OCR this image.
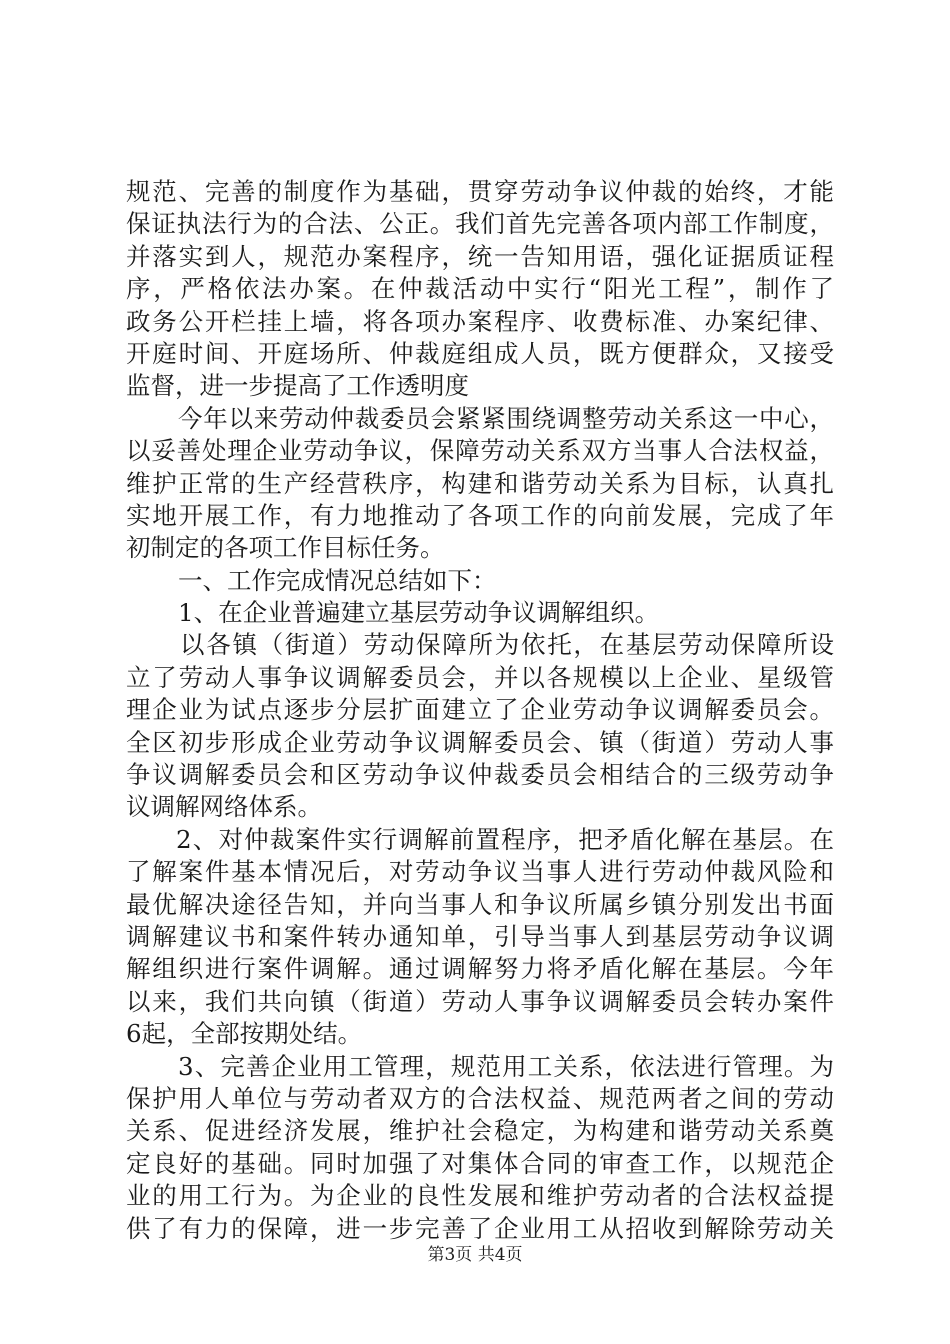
规范、完善的制度作为基础，贯穿劳动争议仲裁的始终，才能
保证执法行为的合法、公正。我们首先完善各项内部工作制度，
并落实到人，规范办案程序，统一告知用语，强化证据质证程
序，严格依法办案。在仲裁活动中实行“阳光工程”，制作了
政务公开栏挂上墙，将各项办案程序、收费标准、办案纪律、
开庭时间、开庭场所、仲裁庭组成人员，既方便群众，又接受
监督，进一步提高了工作透明度
今年以来劳动仲裁委员会紧紧围绕调整劳动关系这一中心，
以妥善处理企业劳动争议，保障劳动关系双方当事人合法权益，
维护正常的生产经营秩序，构建和谐劳动关系为目标，认真扎
实地开展工作，有力地推动了各项工作的向前发展，完成了年
初制定的各项工作目标任务。
一、工作完成情况总结如下：
1、在企业普遍建立基层劳动争议调解组织。
以各镇（街道）劳动保障所为依托，在基层劳动保障所设
立了劳动人事争议调解委员会，并以各规模以上企业、星级管
理企业为试点逐步分层扩面建立了企业劳动争议调解委员会。
全区初步形成企业劳动争议调解委员会、镇（街道）劳动人事
争议调解委员会和区劳动争议仲裁委员会相结合的三级劳动争
议调解网络体系。
2、对仲裁案件实行调解前置程序，把矛盾化解在基层。在
了解案件基本情况后，对劳动争议当事人进行劳动仲裁风险和
最优解决途径告知，并向当事人和争议所属乡镇分别发出书面
调解建议书和案件转办通知单，引导当事人到基层劳动争议调
解组织进行案件调解。通过调解努力将矛盾化解在基层。今年
以来，我们共向镇（街道）劳动人事争议调解委员会转办案件
6起，全部按期处结。
3、完善企业用工管理，规范用工关系，依法进行管理。为
保护用人单位与劳动者双方的合法权益、规范两者之间的劳动
关系、促进经济发展，维护社会稳定，为构建和谐劳动关系奠
定良好的基础。同时加强了对集体合同的审查工作，以规范企
业的用工行为。为企业的良性发展和维护劳动者的合法权益提
供了有力的保障，进一步完善了企业用工从招收到解除劳动关
第3页 共4页
